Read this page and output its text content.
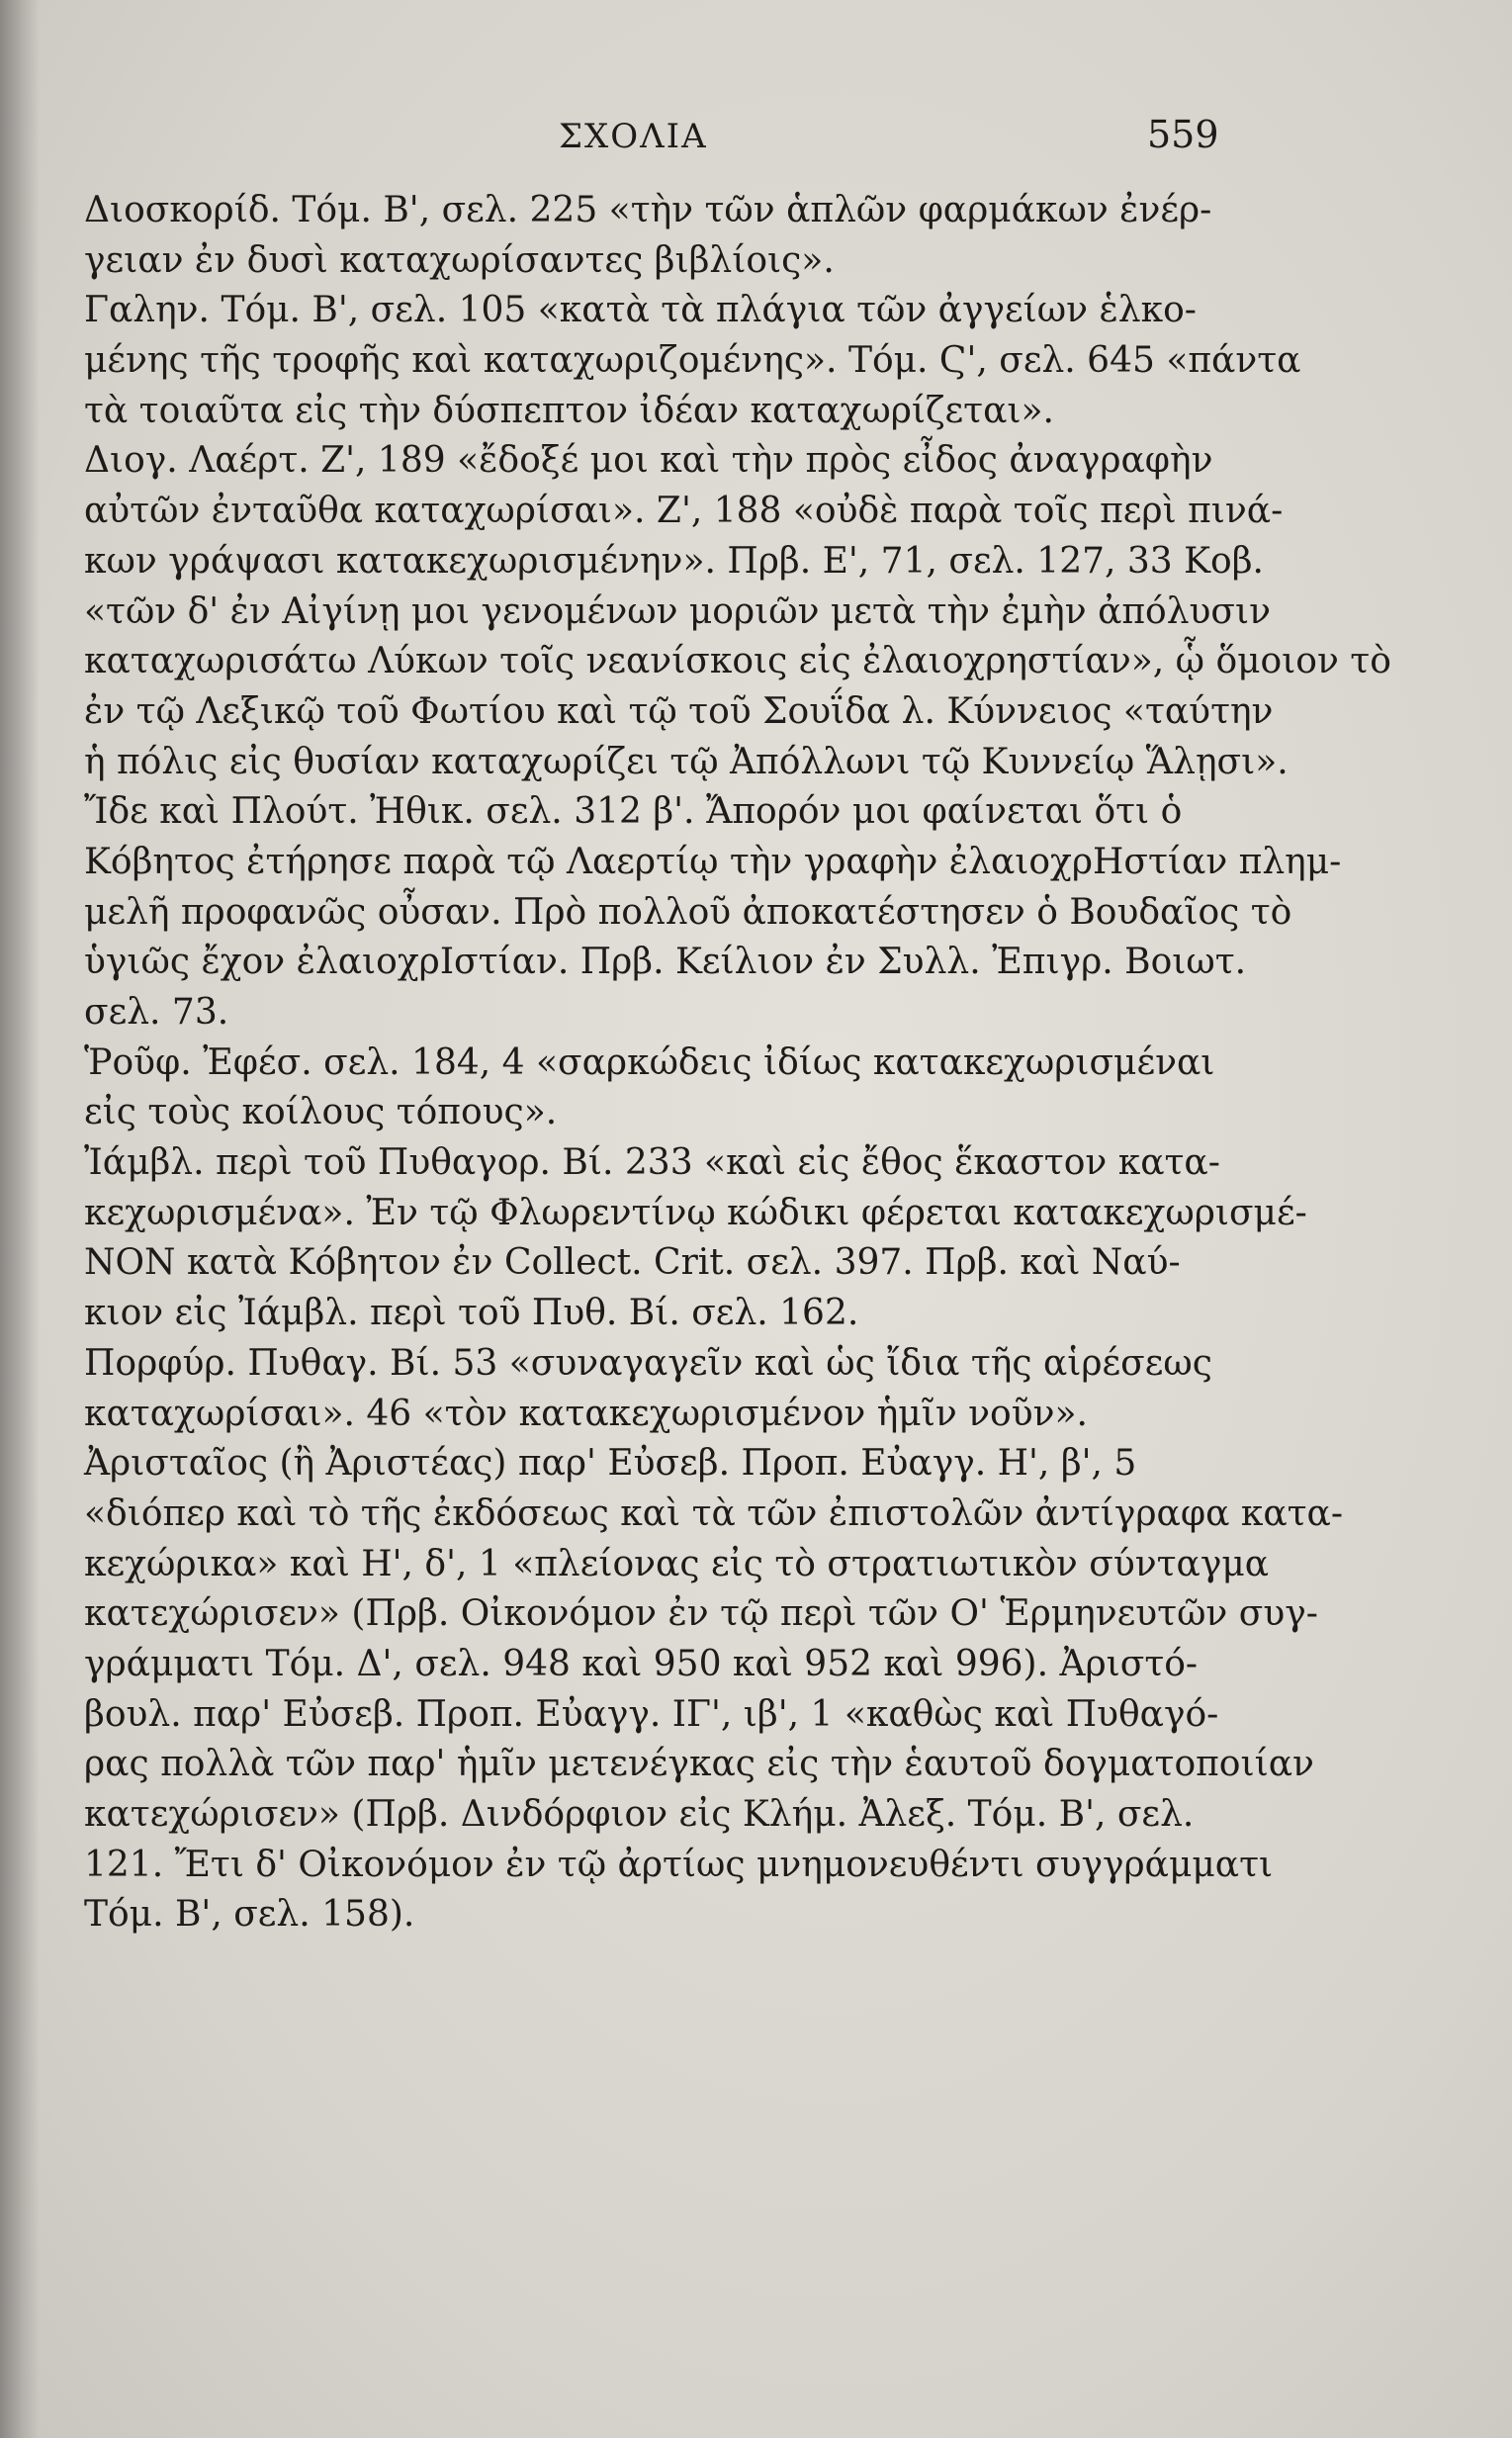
ΣΧΟΛΙΑ	559
Διοσκορίδ. Τόμ. Β', σελ. 225 «τὴν τῶν ἁπλῶν φαρμάκων ἐνέρ-
γειαν ἐν δυσὶ καταχωρίσαντες βιβλίοις».
Γαλην. Τόμ. Β', σελ. 105 «κατὰ τὰ πλάγια τῶν ἀγγείων ἑλκο-
μένης τῆς τροφῆς καὶ καταχωριζομένης». Τόμ. Ϛ', σελ. 645 «πάντα
τὰ τοιαῦτα εἰς τὴν δύσπεπτον ἰδέαν καταχωρίζεται».
Διογ. Λαέρτ. Ζ', 189 «ἔδοξέ μοι καὶ τὴν πρὸς εἶδος ἀναγραφὴν
αὐτῶν ἐνταῦθα καταχωρίσαι». Ζ', 188 «οὐδὲ παρὰ τοῖς περὶ πινά-
κων γράψασι κατακεχωρισμένην». Πρβ. Ε', 71, σελ. 127, 33 Κοβ.
«τῶν δ' ἐν Αἰγίνῃ μοι γενομένων μοριῶν μετὰ τὴν ἐμὴν ἀπόλυσιν
καταχωρισάτω Λύκων τοῖς νεανίσκοις εἰς ἐλαιοχρηστίαν», ᾧ ὅμοιον τὸ
ἐν τῷ Λεξικῷ τοῦ Φωτίου καὶ τῷ τοῦ Σουΐδα λ. Κύννειος «ταύτην
ἡ πόλις εἰς θυσίαν καταχωρίζει τῷ Ἀπόλλωνι τῷ Κυννείῳ Ἅλῃσι».
Ἴδε καὶ Πλούτ. Ἠθικ. σελ. 312 β'. Ἄπορόν μοι φαίνεται ὅτι ὁ
Κόβητος ἐτήρησε παρὰ τῷ Λαερτίῳ τὴν γραφὴν ἐλαιοχρΗστίαν πλημ-
μελῆ προφανῶς οὖσαν. Πρὸ πολλοῦ ἀποκατέστησεν ὁ Βουδαῖος τὸ
ὑγιῶς ἔχον ἐλαιοχρΙστίαν. Πρβ. Κείλιον ἐν Συλλ. Ἐπιγρ. Βοιωτ.
σελ. 73.
Ῥοῦφ. Ἐφέσ. σελ. 184, 4 «σαρκώδεις ἰδίως κατακεχωρισμέναι
εἰς τοὺς κοίλους τόπους».
Ἰάμβλ. περὶ τοῦ Πυθαγορ. Βί. 233 «καὶ εἰς ἔθος ἕκαστον κατα-
κεχωρισμένα». Ἐν τῷ Φλωρεντίνῳ κώδικι φέρεται κατακεχωρισμέ-
ΝΟΝ κατὰ Κόβητον ἐν Collect. Crit. σελ. 397. Πρβ. καὶ Ναύ-
κιον εἰς Ἰάμβλ. περὶ τοῦ Πυθ. Βί. σελ. 162.
Πορφύρ. Πυθαγ. Βί. 53 «συναγαγεῖν καὶ ὡς ἴδια τῆς αἱρέσεως
καταχωρίσαι». 46 «τὸν κατακεχωρισμένον ἡμῖν νοῦν».
Ἀρισταῖος (ἢ Ἀριστέας) παρ' Εὐσεβ. Προπ. Εὐαγγ. Η', β', 5
«διόπερ καὶ τὸ τῆς ἐκδόσεως καὶ τὰ τῶν ἐπιστολῶν ἀντίγραφα κατα-
κεχώρικα» καὶ Η', δ', 1 «πλείονας εἰς τὸ στρατιωτικὸν σύνταγμα
κατεχώρισεν» (Πρβ. Οἰκονόμον ἐν τῷ περὶ τῶν Ο' Ἑρμηνευτῶν συγ-
γράμματι Τόμ. Δ', σελ. 948 καὶ 950 καὶ 952 καὶ 996). Ἀριστό-
βουλ. παρ' Εὐσεβ. Προπ. Εὐαγγ. ΙΓ', ιβ', 1 «καθὼς καὶ Πυθαγό-
ρας πολλὰ τῶν παρ' ἡμῖν μετενέγκας εἰς τὴν ἑαυτοῦ δογματοποιίαν
κατεχώρισεν» (Πρβ. Δινδόρφιον εἰς Κλήμ. Ἀλεξ. Τόμ. Β', σελ.
121. Ἔτι δ' Οἰκονόμον ἐν τῷ ἀρτίως μνημονευθέντι συγγράμματι
Τόμ. Β', σελ. 158).
